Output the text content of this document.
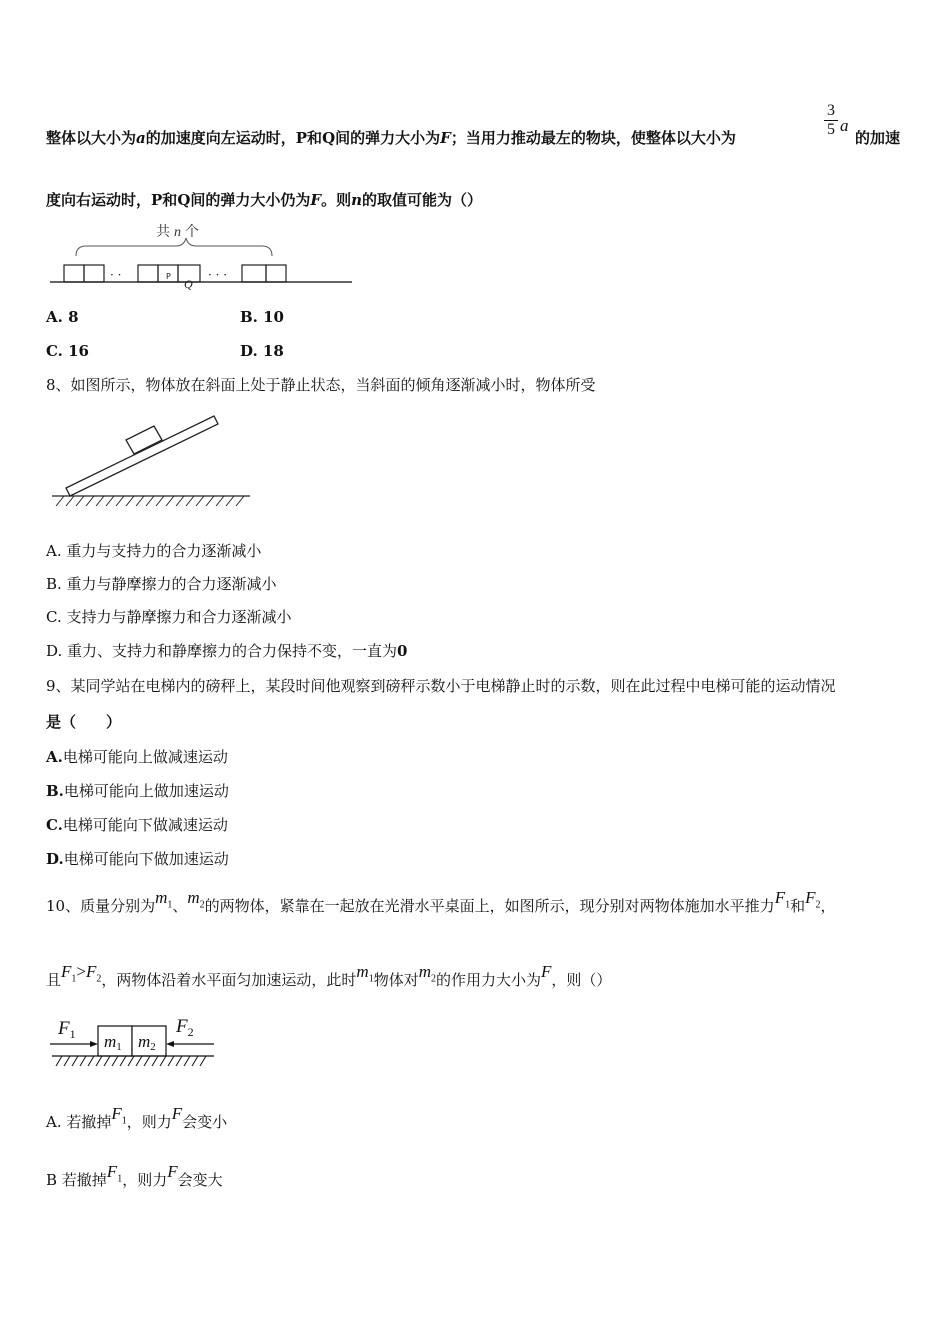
整体以大小为a的加速度向左运动时，P和Q间的弹力大小为F；当用力推动最左的物块，使整体以大小为
3
5 a
的加速
度向右运动时，P和Q间的弹力大小仍为F。则n的取值可能为（）
共 n 个
· ·	P
Q
· · ·
A. 8	B. 10
C. 16	D. 18
8、如图所示，物体放在斜面上处于静止状态，当斜面的倾角逐渐减小时，物体所受
A. 重力与支持力的合力逐渐减小
B. 重力与静摩擦力的合力逐渐减小
C. 支持力与静摩擦力和合力逐渐减小
D. 重力、支持力和静摩擦力的合力保持不变，一直为0
9、某同学站在电梯内的磅秤上，某段时间他观察到磅秤示数小于电梯静止时的示数，则在此过程中电梯可能的运动情况
是（　　）
A.电梯可能向上做减速运动
B.电梯可能向上做加速运动
C.电梯可能向下做减速运动
D.电梯可能向下做加速运动
10、质量分别为$m_1$、$m_2$的两物体，紧靠在一起放在光滑水平桌面上，如图所示，现分别对两物体施加水平推力$F_1$和$F_2$，
且$F_1>F_2$，两物体沿着水平面匀加速运动，此时$m_1$物体对$m_2$的作用力大小为F，则（）
$F_1$ m1 m2
$F_2$
A. 若撤掉$F_1$，则力F会变小
B 若撤掉$F_1$，则力F会变大
